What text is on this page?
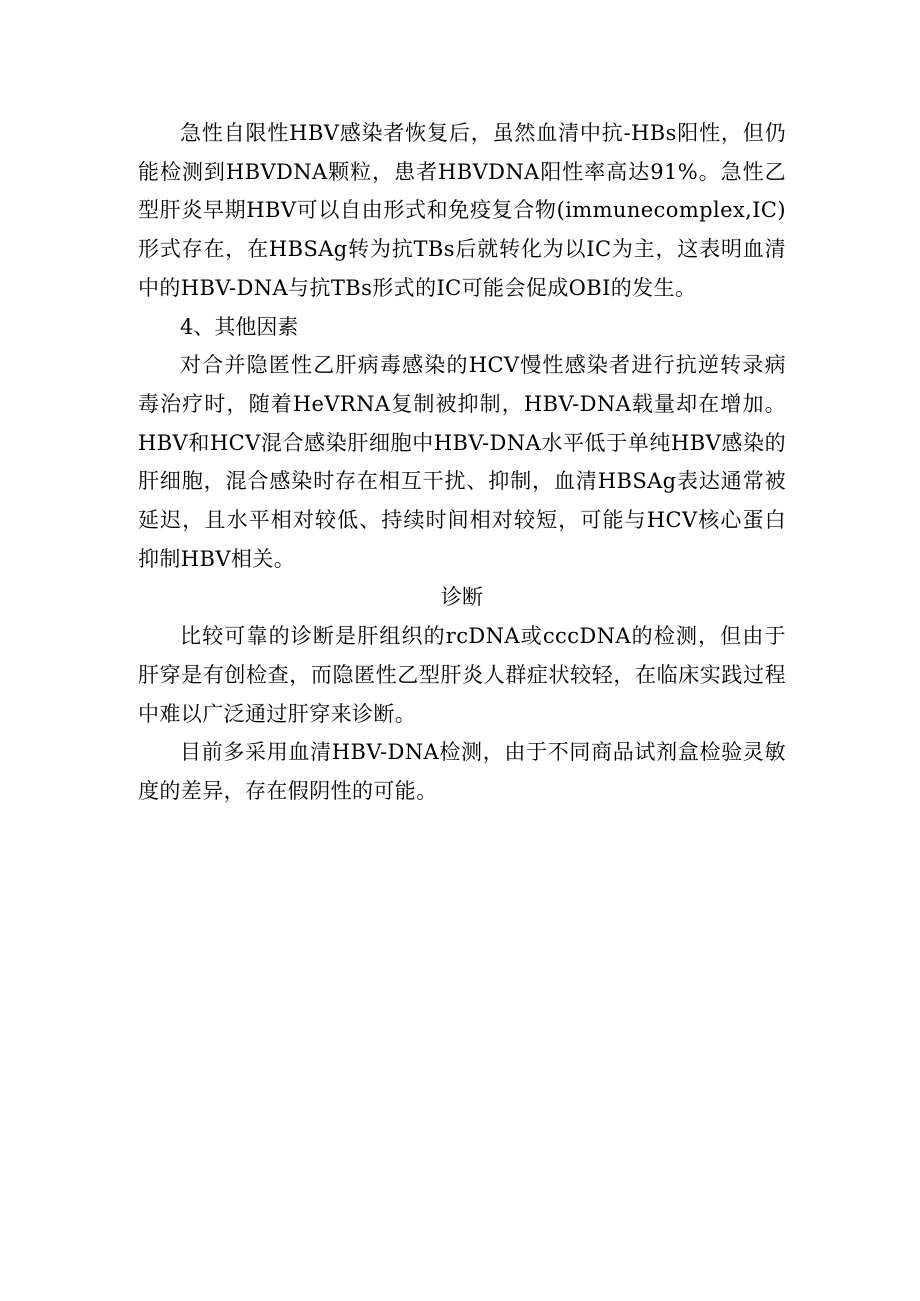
急性自限性HBV感染者恢复后，虽然血清中抗-HBs阳性，但仍能检测到HBVDNA颗粒，患者HBVDNA阳性率高达91%。急性乙型肝炎早期HBV可以自由形式和免疫复合物(immunecomplex,IC)形式存在，在HBSAg转为抗TBs后就转化为以IC为主，这表明血清中的HBV-DNA与抗TBs形式的IC可能会促成OBI的发生。

4、其他因素

对合并隐匿性乙肝病毒感染的HCV慢性感染者进行抗逆转录病毒治疗时，随着HeVRNA复制被抑制，HBV-DNA载量却在增加。HBV和HCV混合感染肝细胞中HBV-DNA水平低于单纯HBV感染的肝细胞，混合感染时存在相互干扰、抑制，血清HBSAg表达通常被延迟，且水平相对较低、持续时间相对较短，可能与HCV核心蛋白抑制HBV相关。

诊断

比较可靠的诊断是肝组织的rcDNA或cccDNA的检测，但由于肝穿是有创检查，而隐匿性乙型肝炎人群症状较轻，在临床实践过程中难以广泛通过肝穿来诊断。

目前多采用血清HBV-DNA检测，由于不同商品试剂盒检验灵敏度的差异，存在假阴性的可能。
